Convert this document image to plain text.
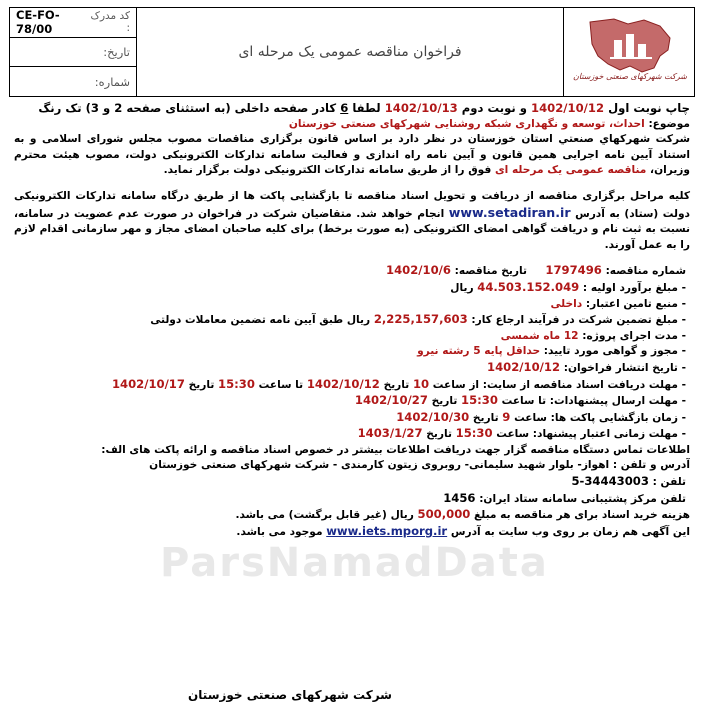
ParsNamadData
CE-FO-78/00
کد مدرک :
تاریخ:
شماره:
فراخوان مناقصه عمومی یک مرحله ای
شرکت شهرکهای صنعتی خوزستان
چاپ نوبت اول 1402/10/12 و نوبت دوم 1402/10/13 لطفا 6 کادر صفحه داخلی (به استثنای صفحه 2 و 3) تک رنگ
موضوع: احداث، توسعه و نگهداری شبکه روشنایی شهرکهای صنعتی خوزستان
شرکت شهرکهاي صنعتي استان خوزستان در نظر دارد بر اساس قانون برگزاری مناقصات مصوب مجلس شورای اسلامی و به استناد آیین نامه اجرایی همین قانون و آیین نامه راه اندازی و فعالیت سامانه تدارکات الکترونیکی دولت، مصوب هیئت محترم وزیران، مناقصه عمومی یک مرحله ای فوق را از طریق سامانه تدارکات الکترونیکی دولت برگزار نماید.
کلیه مراحل برگزاری مناقصه از دریافت و تحویل اسناد مناقصه تا بازگشایی پاکت ها از طریق درگاه سامانه تدارکات الکترونیکی دولت (ستاد) به آدرس www.setadiran.ir انجام خواهد شد. متقاضیان شرکت در فراخوان در صورت عدم عضویت در سامانه، نسبت به ثبت نام و دریافت گواهی امضای الکترونیکی (به صورت برخط) برای کلیه صاحبان امضای مجاز و مهر سازمانی اقدام لازم را به عمل آورند.
شماره مناقصه: 1797496     تاریخ مناقصه: 1402/10/6
- مبلغ برآورد اولیه : 44.503.152.049 ریال
- منبع تامین اعتبار: داخلی
- مبلغ تضمین شرکت در فرآیند ارجاع کار: 2,225,157,603 ریال طبق آیین نامه تضمین معاملات دولتی
- مدت اجرای پروژه: 12 ماه شمسی
- مجوز و گواهی مورد تایید: حداقل پایه 5 رشته نیرو
- تاریخ انتشار فراخوان: 1402/10/12
- مهلت دریافت اسناد مناقصه از سایت: از ساعت 10 تاریخ 1402/10/12 تا ساعت 15:30 تاریخ 1402/10/17
- مهلت ارسال پیشنهادات: تا ساعت 15:30 تاریخ 1402/10/27
- زمان بازگشایی پاکت ها: ساعت 9 تاریخ 1402/10/30
- مهلت زمانی اعتبار پیشنهاد: ساعت 15:30 تاریخ 1403/1/27
اطلاعات تماس دستگاه مناقصه گزار جهت دریافت اطلاعات بیشتر در خصوص اسناد مناقصه و ارائه پاکت های الف:
آدرس و تلفن : اهواز- بلوار شهید سلیمانی- روبروی زیتون کارمندی - شرکت شهرکهای صنعتی خوزستان
تلفن : 5-34443003
تلفن مرکز پشتیبانی سامانه ستاد ایران: 1456
هزینه خرید اسناد برای هر مناقصه به مبلغ 500,000 ریال (غیر قابل برگشت) می باشد.
این آگهی هم زمان بر روی وب سایت به آدرس www.iets.mporg.ir موجود می باشد.
شرکت شهرکهای صنعتی خوزستان
